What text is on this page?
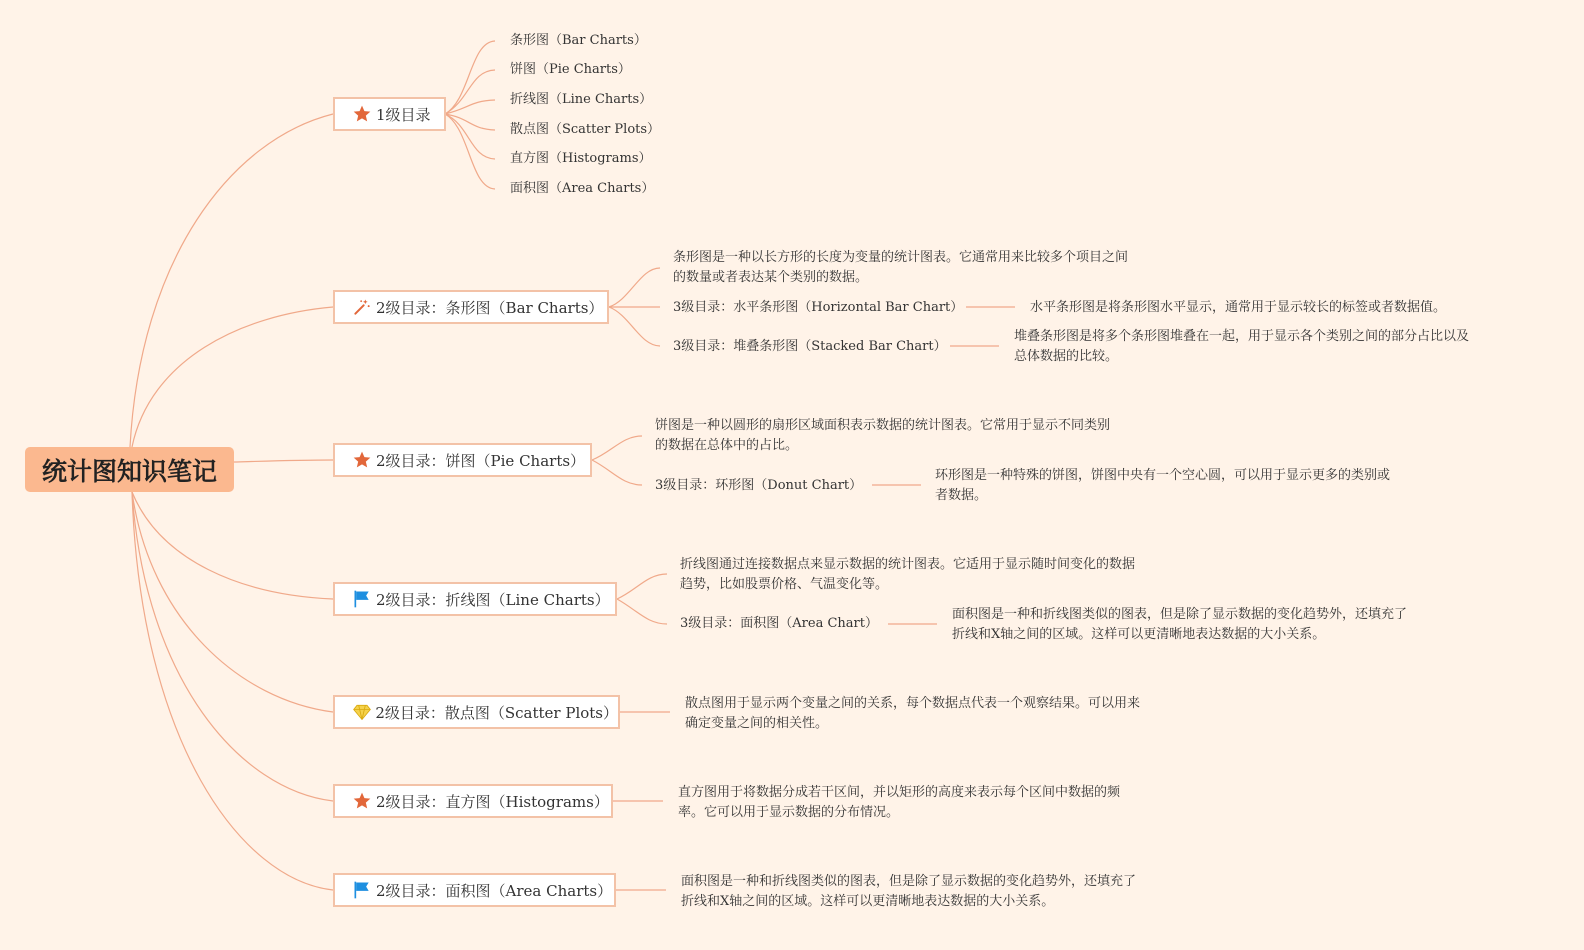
统计图知识笔记
1级目录
条形图（Bar Charts）
饼图（Pie Charts）
折线图（Line Charts）
散点图（Scatter Plots）
直方图（Histograms）
面积图（Area Charts）
2级目录：条形图（Bar Charts）
条形图是一种以长方形的长度为变量的统计图表。它通常用来比较多个项目之间
的数量或者表达某个类别的数据。
3级目录：水平条形图（Horizontal Bar Chart）	水平条形图是将条形图水平显示，通常用于显示较长的标签或者数据值。
3级目录：堆叠条形图（Stacked Bar Chart）
堆叠条形图是将多个条形图堆叠在一起，用于显示各个类别之间的部分占比以及
总体数据的比较。
2级目录：饼图（Pie Charts）
饼图是一种以圆形的扇形区域面积表示数据的统计图表。它常用于显示不同类别
的数据在总体中的占比。
3级目录：环形图（Donut Chart）
环形图是一种特殊的饼图，饼图中央有一个空心圆，可以用于显示更多的类别或
者数据。
2级目录：折线图（Line Charts）
折线图通过连接数据点来显示数据的统计图表。它适用于显示随时间变化的数据
趋势，比如股票价格、气温变化等。
3级目录：面积图（Area Chart）
面积图是一种和折线图类似的图表，但是除了显示数据的变化趋势外，还填充了
折线和X轴之间的区域。这样可以更清晰地表达数据的大小关系。
2级目录：散点图（Scatter Plots）	散点图用于显示两个变量之间的关系，每个数据点代表一个观察结果。可以用来
确定变量之间的相关性。
2级目录：直方图（Histograms）	直方图用于将数据分成若干区间，并以矩形的高度来表示每个区间中数据的频
率。它可以用于显示数据的分布情况。
2级目录：面积图（Area Charts）	面积图是一种和折线图类似的图表，但是除了显示数据的变化趋势外，还填充了
折线和X轴之间的区域。这样可以更清晰地表达数据的大小关系。
